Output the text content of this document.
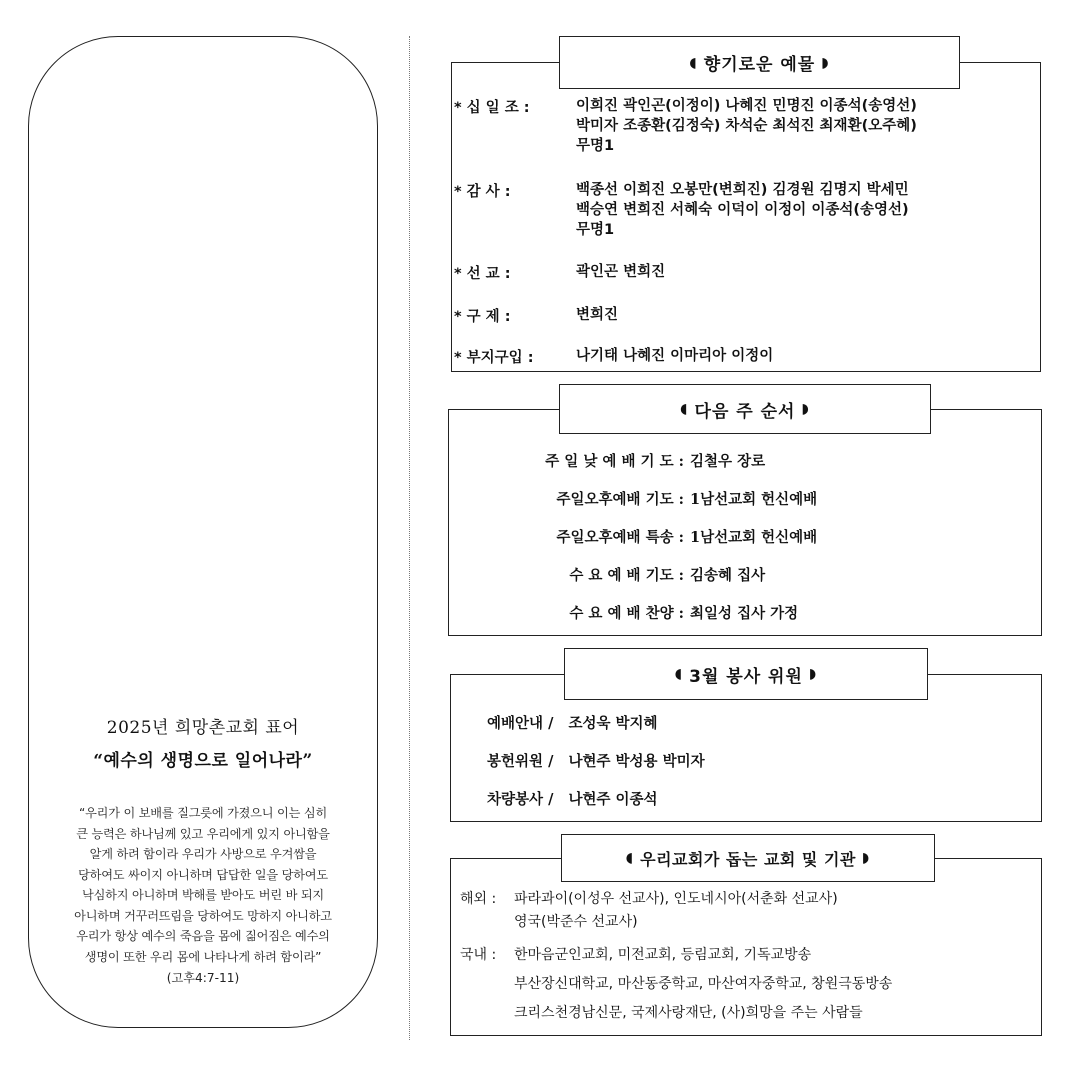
2025년 희망촌교회 표어
“예수의 생명으로 일어나라”
“우리가 이 보배를 질그릇에 가졌으니 이는 심히
큰 능력은 하나님께 있고 우리에게 있지 아니함을
알게 하려 함이라 우리가 사방으로 우겨쌈을
당하여도 싸이지 아니하며 답답한 일을 당하여도
낙심하지 아니하며 박해를 받아도 버린 바 되지
아니하며 거꾸러뜨림을 당하여도 망하지 아니하고
우리가 항상 예수의 죽음을 몸에 짊어짐은 예수의
생명이 또한 우리 몸에 나타나게 하려 함이라”
(고후4:7-11)
◖ 향기로운 예물 ◗
* 십 일 조 :	이희진 곽인곤(이정이) 나혜진 민명진 이종석(송영선)
박미자 조종환(김정숙) 차석순 최석진 최재환(오주혜)
무명1
* 감 사 :	백종선 이희진 오봉만(변희진) 김경원 김명지 박세민
백승연 변희진 서혜숙 이덕이 이정이 이종석(송영선)
무명1
* 선 교 :	곽인곤 변희진
* 구 제 :	변희진
* 부지구입 :	나기태 나혜진 이마리아 이정이
◖ 다음 주 순서 ◗
주 일 낮 예 배 기 도 : 김철우 장로
주일오후예배 기도 : 1남선교회 헌신예배
주일오후예배 특송 : 1남선교회 헌신예배
수 요 예 배 기도 : 김송혜 집사
수 요 예 배 찬양 : 최일성 집사 가정
◖ 3월 봉사 위원 ◗
예배안내 / 조성욱 박지혜
봉헌위원 / 나현주 박성용 박미자
차량봉사 / 나현주 이종석
◖ 우리교회가 돕는 교회 및 기관 ◗
해외 : 파라과이(이성우 선교사), 인도네시아(서춘화 선교사)
영국(박준수 선교사)
국내 : 한마음군인교회, 미전교회, 등림교회, 기독교방송
부산장신대학교, 마산동중학교, 마산여자중학교, 창원극동방송
크리스천경남신문, 국제사랑재단, (사)희망을 주는 사람들
